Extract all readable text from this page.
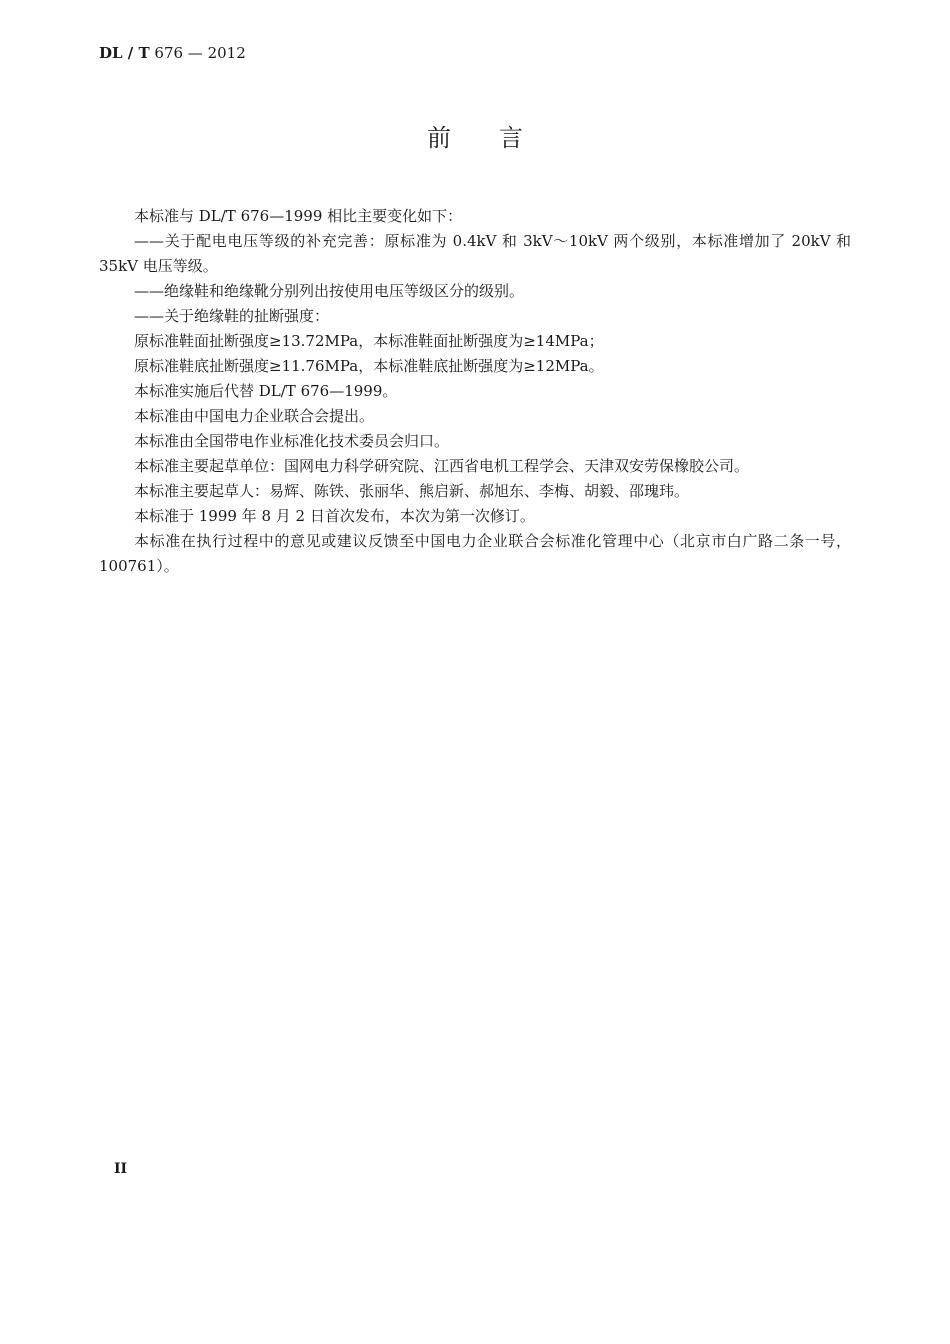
DL / T 676 — 2012
前言

本标准与 DL/T 676—1999 相比主要变化如下：

——关于配电电压等级的补充完善：原标准为 0.4kV 和 3kV～10kV 两个级别，本标准增加了 20kV 和 35kV 电压等级。

——绝缘鞋和绝缘靴分别列出按使用电压等级区分的级别。

——关于绝缘鞋的扯断强度：

原标准鞋面扯断强度≥13.72MPa，本标准鞋面扯断强度为≥14MPa；

原标准鞋底扯断强度≥11.76MPa，本标准鞋底扯断强度为≥12MPa。

本标准实施后代替 DL/T 676—1999。

本标准由中国电力企业联合会提出。

本标准由全国带电作业标准化技术委员会归口。

本标准主要起草单位：国网电力科学研究院、江西省电机工程学会、天津双安劳保橡胶公司。

本标准主要起草人：易辉、陈铁、张丽华、熊启新、郝旭东、李梅、胡毅、邵瑰玮。

本标准于 1999 年 8 月 2 日首次发布，本次为第一次修订。

本标准在执行过程中的意见或建议反馈至中国电力企业联合会标准化管理中心（北京市白广路二条一号，100761）。

II
